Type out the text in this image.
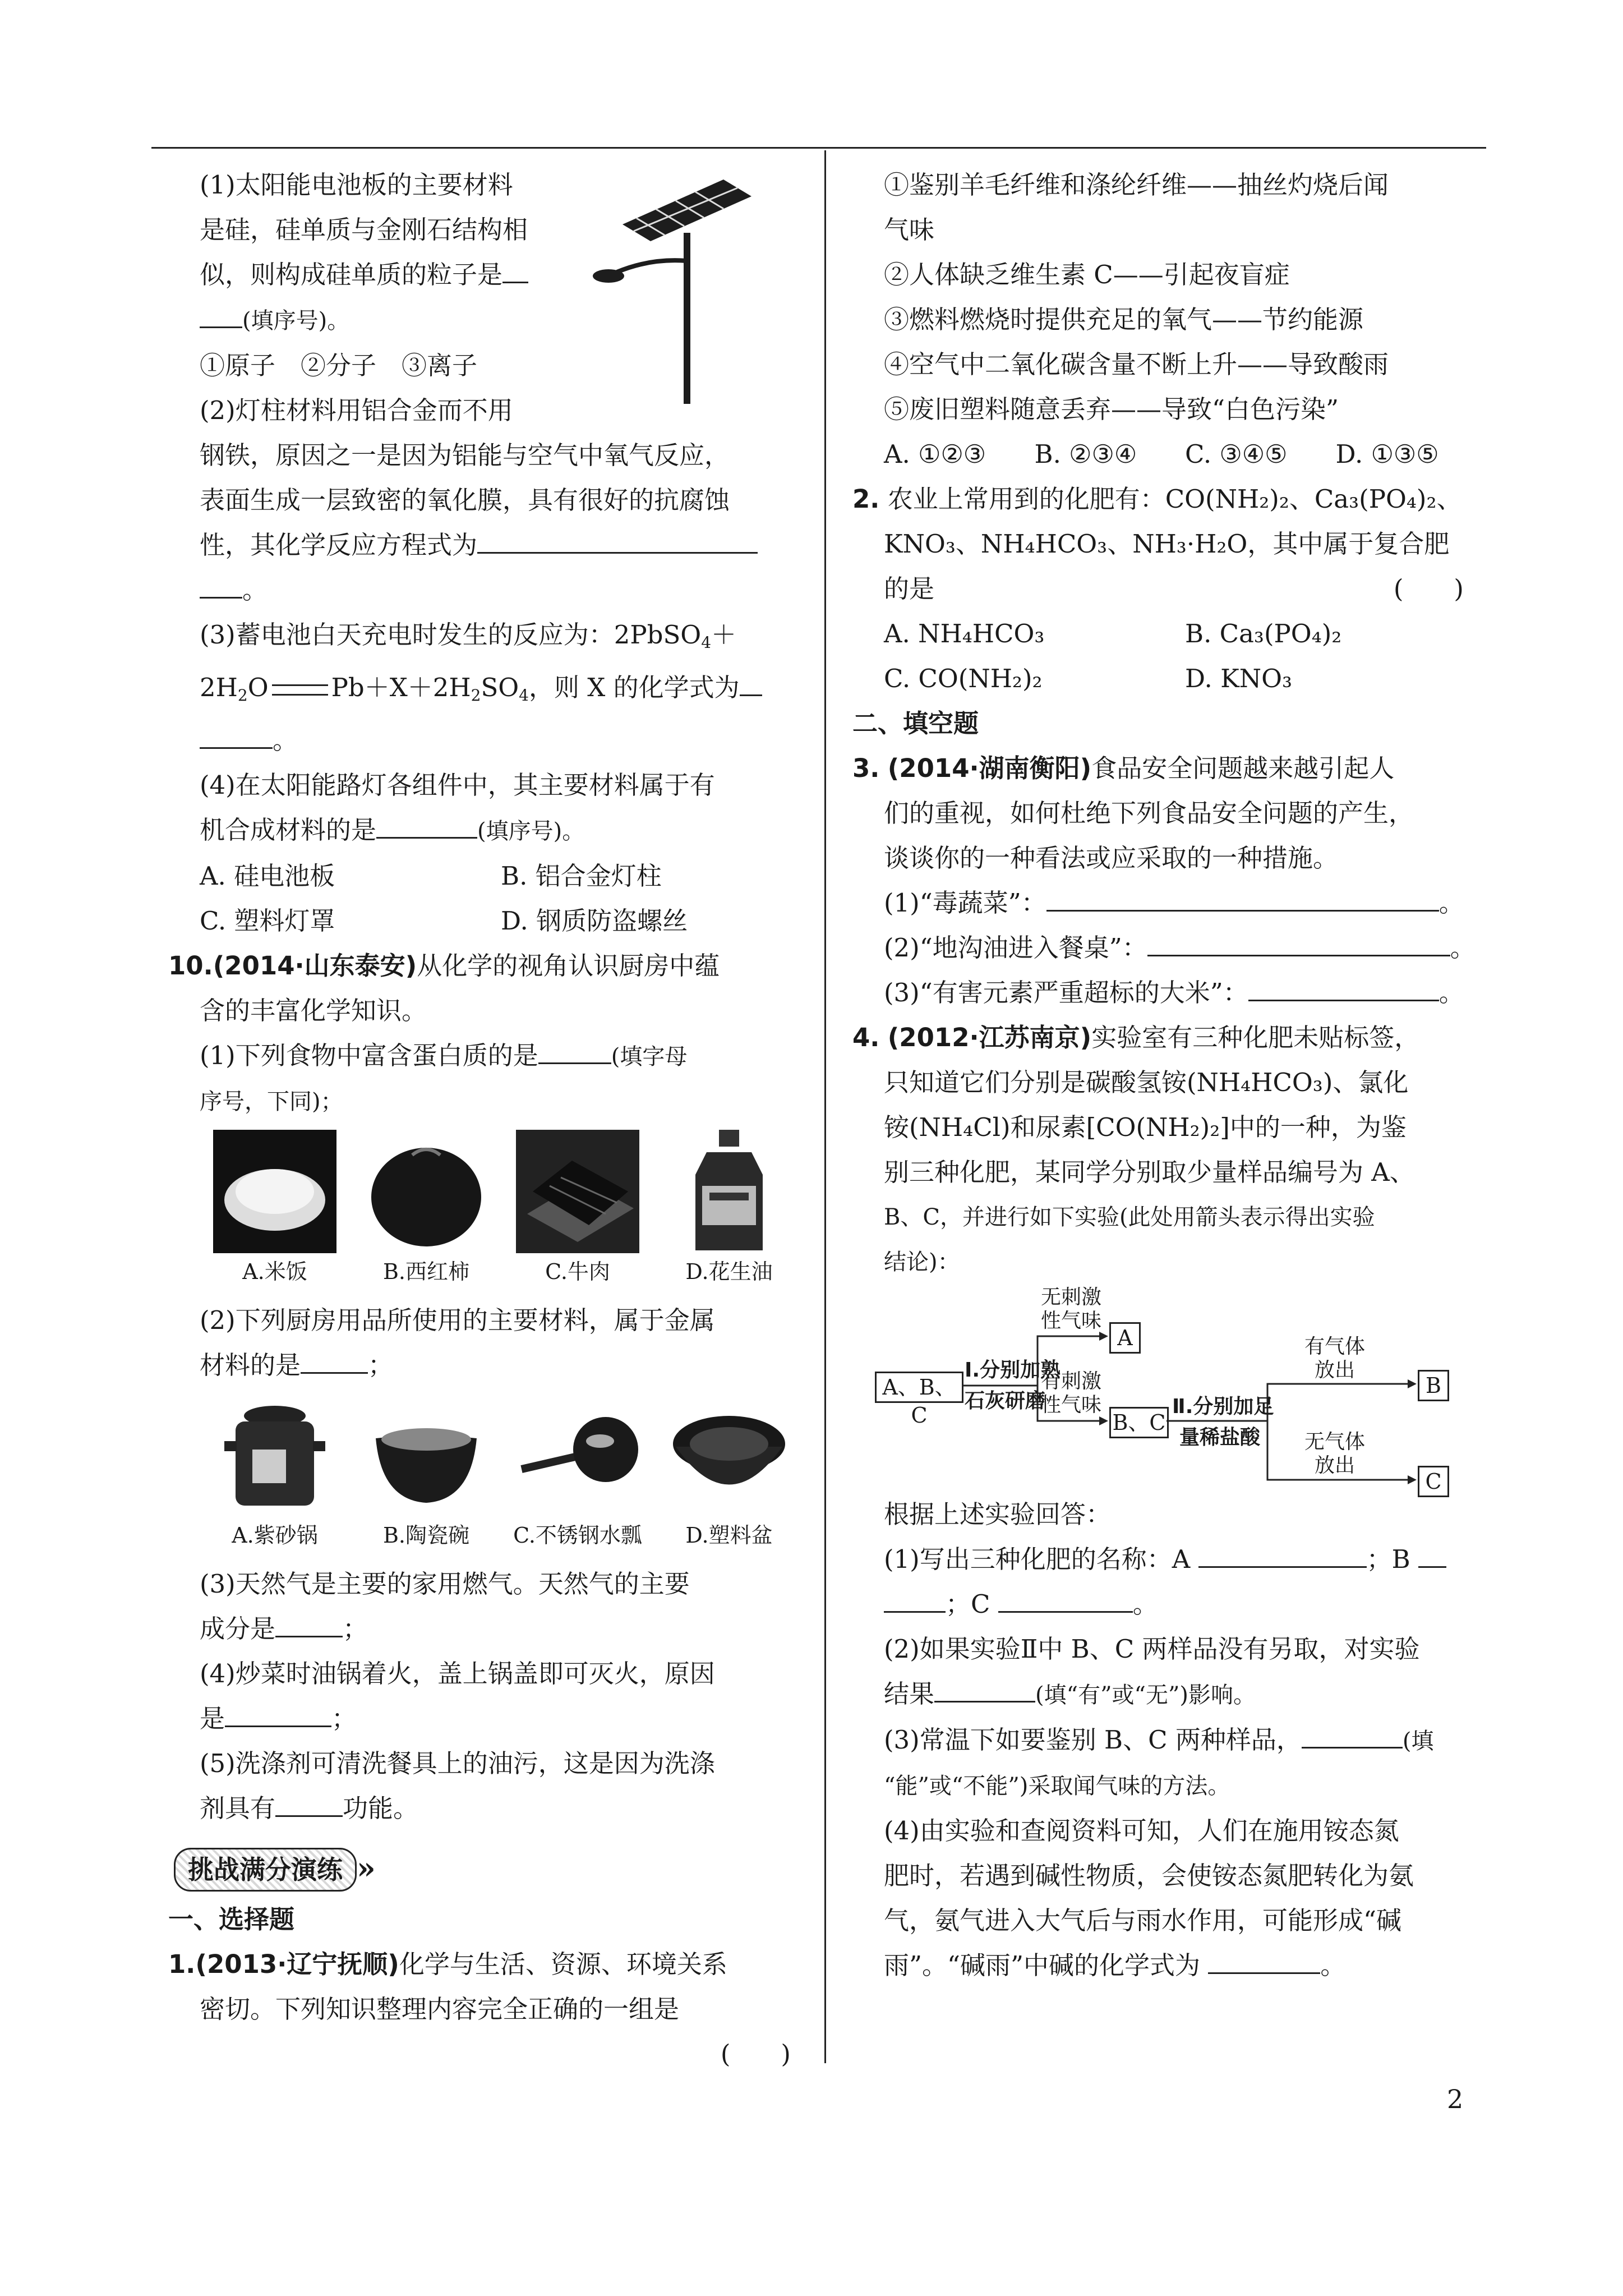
(1)太阳能电池板的主要材料
是硅，硅单质与金刚石结构相
似，则构成硅单质的粒子是
(填序号)。
①原子　②分子　③离子
(2)灯柱材料用铝合金而不用
钢铁，原因之一是因为铝能与空气中氧气反应，
表面生成一层致密的氧化膜，具有很好的抗腐蚀
性，其化学反应方程式为
。
(3)蓄电池白天充电时发生的反应为：2PbSO$_4$＋
$2H_2O$ $Pb+X+2H_2SO_4$，则 X 的化学式为
。
(4)在太阳能路灯各组件中，其主要材料属于有
机合成材料的是	(填序号)。
A. 硅电池板	B. 铝合金灯柱
C. 塑料灯罩	D. 钢质防盗螺丝
10.(2014·山东泰安)从化学的视角认识厨房中蕴
含的丰富化学知识。
(1)下列食物中富含蛋白质的是	(填字母
序号，下同)；
A.米饭	B.西红柿	C.牛肉	D.花生油
(2)下列厨房用品所使用的主要材料，属于金属
材料的是	；
A.紫砂锅	B.陶瓷碗	C.不锈钢水瓢	D.塑料盆
(3)天然气是主要的家用燃气。天然气的主要
成分是	；
(4)炒菜时油锅着火，盖上锅盖即可灭火，原因
是	；
(5)洗涤剂可清洗餐具上的油污，这是因为洗涤
剂具有	功能。
挑战满分演练 »
一、选择题
1.(2013·辽宁抚顺)化学与生活、资源、环境关系
密切。下列知识整理内容完全正确的一组是
(　　)
①鉴别羊毛纤维和涤纶纤维——抽丝灼烧后闻
气味
②人体缺乏维生素 C——引起夜盲症
③燃料燃烧时提供充足的氧气——节约能源
④空气中二氧化碳含量不断上升——导致酸雨
⑤废旧塑料随意丢弃——导致“白色污染”
A. ①②③	B. ②③④	C. ③④⑤	D. ①③⑤
2. 农业上常用到的化肥有：CO(NH₂)₂、Ca₃(PO₄)₂、
KNO₃、NH₄HCO₃、NH₃·H₂O，其中属于复合肥
的是	(　　)
A. NH₄HCO₃	B. Ca₃(PO₄)₂
C. CO(NH₂)₂	D. KNO₃
二、填空题
3. (2014·湖南衡阳)食品安全问题越来越引起人
们的重视，如何杜绝下列食品安全问题的产生，
谈谈你的一种看法或应采取的一种措施。
(1)“毒蔬菜”：	。
(2)“地沟油进入餐桌”：	。
(3)“有害元素严重超标的大米”：	。
4. (2012·江苏南京)实验室有三种化肥未贴标签，
只知道它们分别是碳酸氢铵(NH₄HCO₃)、氯化
铵(NH₄Cl)和尿素[CO(NH₂)₂]中的一种，为鉴
别三种化肥，某同学分别取少量样品编号为 A、
B、C，并进行如下实验(此处用箭头表示得出实验
结论)：
A、B、C
Ⅰ.分别加熟
石灰研磨
无刺激
性气味
A
有刺激
性气味
B、C
Ⅱ.分别加足
量稀盐酸
有气体
放出
B
无气体
放出
C
根据上述实验回答：
(1)写出三种化肥的名称：A	；B
；C	。
(2)如果实验Ⅱ中 B、C 两样品没有另取，对实验
结果	(填“有”或“无”)影响。
(3)常温下如要鉴别 B、C 两种样品，	(填
“能”或“不能”)采取闻气味的方法。
(4)由实验和查阅资料可知，人们在施用铵态氮
肥时，若遇到碱性物质，会使铵态氮肥转化为氨
气，氨气进入大气后与雨水作用，可能形成“碱
雨”。“碱雨”中碱的化学式为	。
2
